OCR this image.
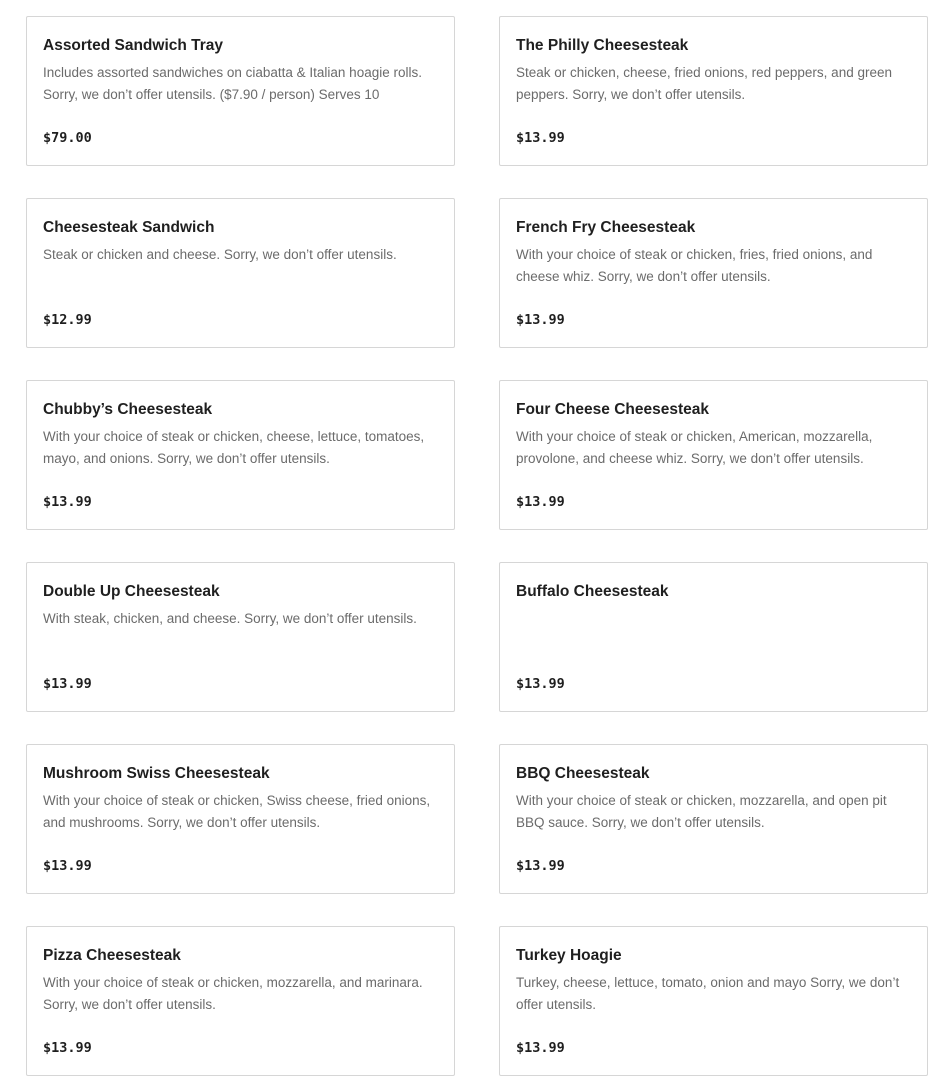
Assorted Sandwich Tray
Includes assorted sandwiches on ciabatta & Italian hoagie rolls. Sorry, we don’t offer utensils. ($7.90 / person) Serves 10
$79.00
The Philly Cheesesteak
Steak or chicken, cheese, fried onions, red peppers, and green peppers. Sorry, we don’t offer utensils.
$13.99
Cheesesteak Sandwich
Steak or chicken and cheese. Sorry, we don’t offer utensils.
$12.99
French Fry Cheesesteak
With your choice of steak or chicken, fries, fried onions, and cheese whiz. Sorry, we don’t offer utensils.
$13.99
Chubby’s Cheesesteak
With your choice of steak or chicken, cheese, lettuce, tomatoes, mayo, and onions. Sorry, we don’t offer utensils.
$13.99
Four Cheese Cheesesteak
With your choice of steak or chicken, American, mozzarella, provolone, and cheese whiz. Sorry, we don’t offer utensils.
$13.99
Double Up Cheesesteak
With steak, chicken, and cheese. Sorry, we don’t offer utensils.
$13.99
Buffalo Cheesesteak
$13.99
Mushroom Swiss Cheesesteak
With your choice of steak or chicken, Swiss cheese, fried onions, and mushrooms. Sorry, we don’t offer utensils.
$13.99
BBQ Cheesesteak
With your choice of steak or chicken, mozzarella, and open pit BBQ sauce. Sorry, we don’t offer utensils.
$13.99
Pizza Cheesesteak
With your choice of steak or chicken, mozzarella, and marinara. Sorry, we don’t offer utensils.
$13.99
Turkey Hoagie
Turkey, cheese, lettuce, tomato, onion and mayo Sorry, we don’t offer utensils.
$13.99
